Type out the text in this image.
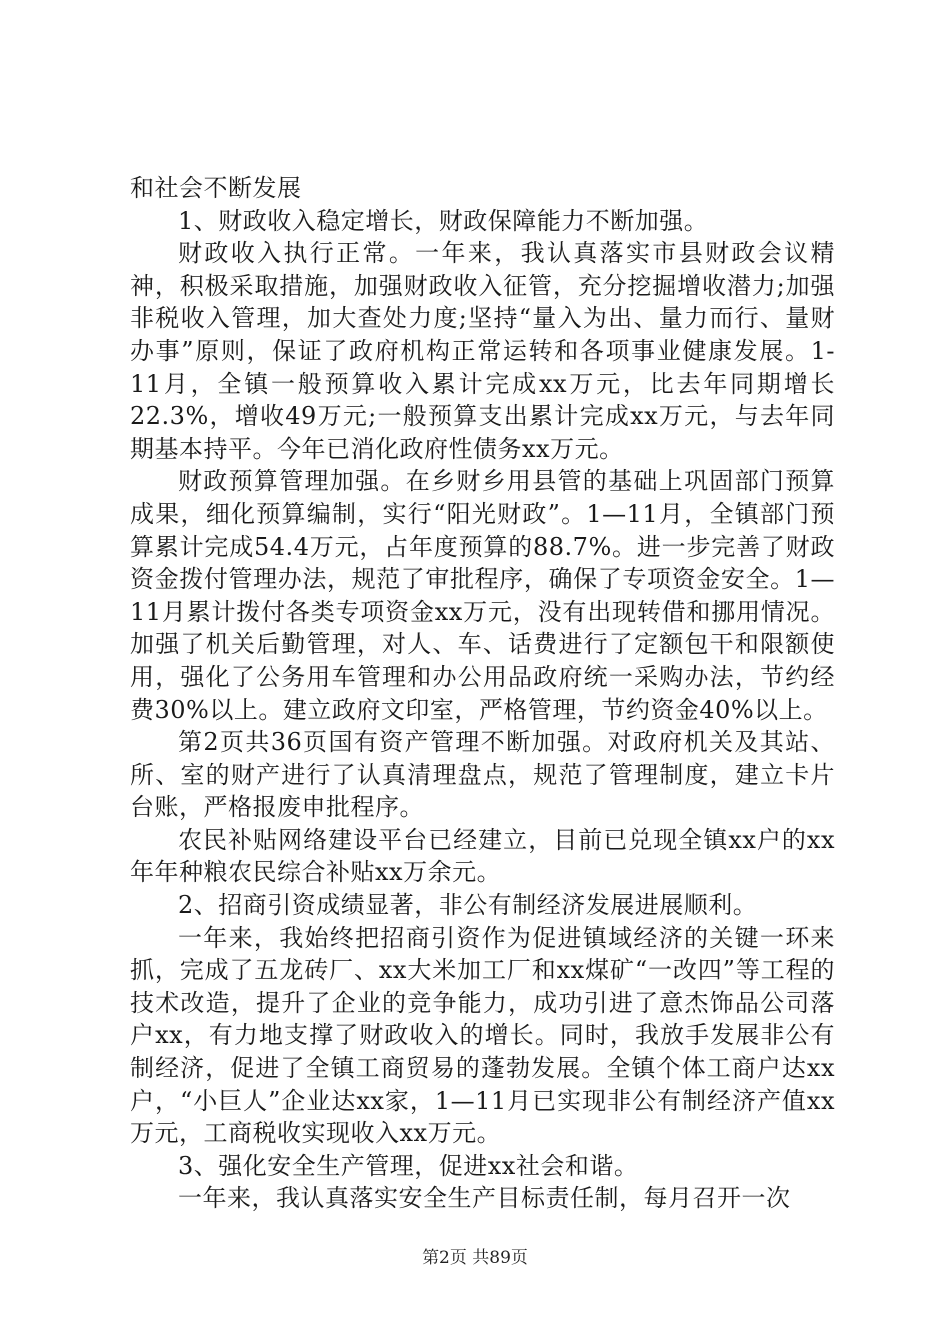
和社会不断发展

1、财政收入稳定增长，财政保障能力不断加强。

财政收入执行正常。一年来，我认真落实市县财政会议精神，积极采取措施，加强财政收入征管，充分挖掘增收潜力;加强非税收入管理，加大查处力度;坚持“量入为出、量力而行、量财办事”原则，保证了政府机构正常运转和各项事业健康发展。1-11月，全镇一般预算收入累计完成xx万元，比去年同期增长22.3%，增收49万元;一般预算支出累计完成xx万元，与去年同期基本持平。今年已消化政府性债务xx万元。

财政预算管理加强。在乡财乡用县管的基础上巩固部门预算成果，细化预算编制，实行“阳光财政”。1—11月，全镇部门预算累计完成54.4万元，占年度预算的88.7%。进一步完善了财政资金拨付管理办法，规范了审批程序，确保了专项资金安全。1—11月累计拨付各类专项资金xx万元，没有出现转借和挪用情况。加强了机关后勤管理，对人、车、话费进行了定额包干和限额使用，强化了公务用车管理和办公用品政府统一采购办法，节约经费30%以上。建立政府文印室，严格管理，节约资金40%以上。

第2页共36页国有资产管理不断加强。对政府机关及其站、所、室的财产进行了认真清理盘点，规范了管理制度，建立卡片台账，严格报废申批程序。

农民补贴网络建设平台已经建立，目前已兑现全镇xx户的xx年年种粮农民综合补贴xx万余元。

2、招商引资成绩显著，非公有制经济发展进展顺利。

一年来，我始终把招商引资作为促进镇域经济的关键一环来抓，完成了五龙砖厂、xx大米加工厂和xx煤矿“一改四”等工程的技术改造，提升了企业的竞争能力，成功引进了意杰饰品公司落户xx，有力地支撑了财政收入的增长。同时，我放手发展非公有制经济，促进了全镇工商贸易的蓬勃发展。全镇个体工商户达xx户，“小巨人”企业达xx家，1—11月已实现非公有制经济产值xx万元，工商税收实现收入xx万元。

3、强化安全生产管理，促进xx社会和谐。

一年来，我认真落实安全生产目标责任制，每月召开一次

第2页 共89页
